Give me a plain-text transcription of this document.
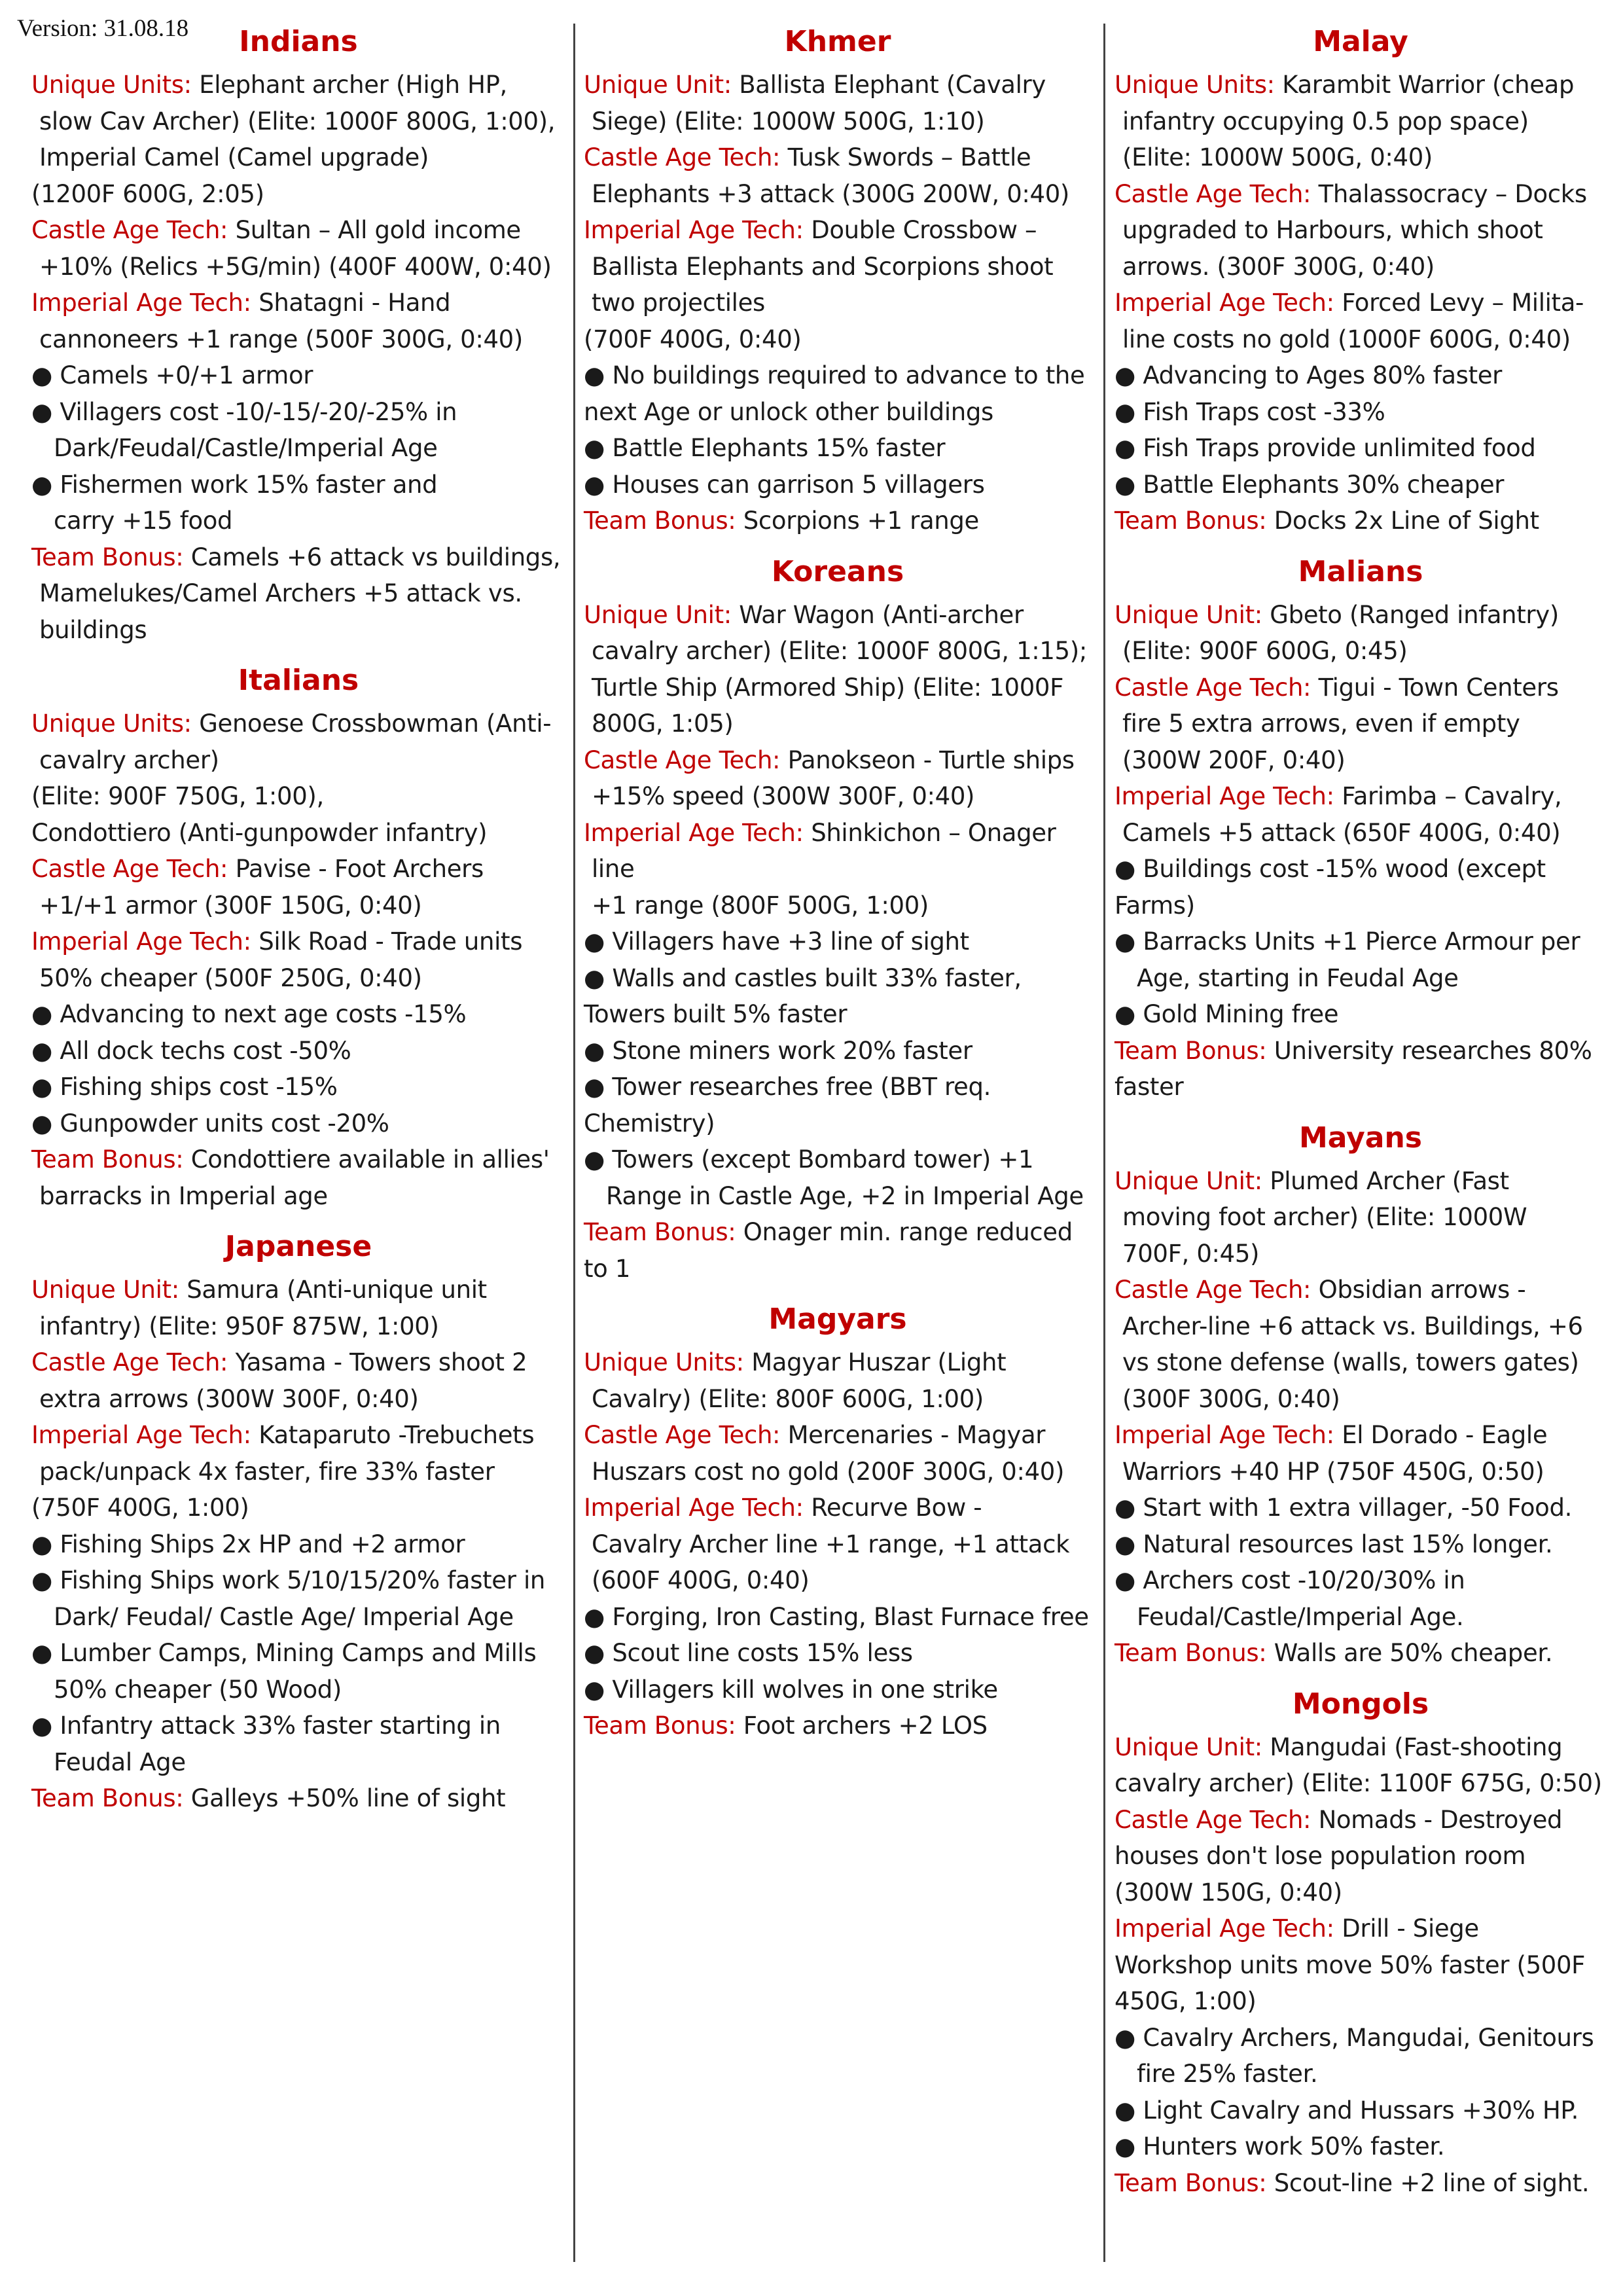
Version: 31.08.18	Indians
Unique Units: Elephant archer (High HP,
slow Cav Archer) (Elite: 1000F 800G, 1:00),
Imperial Camel (Camel upgrade)
(1200F 600G, 2:05)
Castle Age Tech: Sultan – All gold income
+10% (Relics +5G/min) (400F 400W, 0:40)
Imperial Age Tech: Shatagni - Hand
cannoneers +1 range (500F 300G, 0:40)
● Camels +0/+1 armor
● Villagers cost -10/-15/-20/-25% in
Dark/Feudal/Castle/Imperial Age
● Fishermen work 15% faster and
carry +15 food
Team Bonus: Camels +6 attack vs buildings,
Mamelukes/Camel Archers +5 attack vs.
buildings
Italians
Unique Units: Genoese Crossbowman (Anti-
cavalry archer)
(Elite: 900F 750G, 1:00),
Condottiero (Anti-gunpowder infantry)
Castle Age Tech: Pavise - Foot Archers
+1/+1 armor (300F 150G, 0:40)
Imperial Age Tech: Silk Road - Trade units
50% cheaper (500F 250G, 0:40)
● Advancing to next age costs -15%
● All dock techs cost -50%
● Fishing ships cost -15%
● Gunpowder units cost -20%
Team Bonus: Condottiere available in allies'
barracks in Imperial age
Japanese
Unique Unit: Samura (Anti-unique unit
infantry) (Elite: 950F 875W, 1:00)
Castle Age Tech: Yasama - Towers shoot 2
extra arrows (300W 300F, 0:40)
Imperial Age Tech: Kataparuto -Trebuchets
pack/unpack 4x faster, fire 33% faster
(750F 400G, 1:00)
● Fishing Ships 2x HP and +2 armor
● Fishing Ships work 5/10/15/20% faster in
Dark/ Feudal/ Castle Age/ Imperial Age
● Lumber Camps, Mining Camps and Mills
50% cheaper (50 Wood)
● Infantry attack 33% faster starting in
Feudal Age
Team Bonus: Galleys +50% line of sight
Khmer
Unique Unit: Ballista Elephant (Cavalry
Siege) (Elite: 1000W 500G, 1:10)
Castle Age Tech: Tusk Swords – Battle
Elephants +3 attack (300G 200W, 0:40)
Imperial Age Tech: Double Crossbow –
Ballista Elephants and Scorpions shoot
two projectiles
(700F 400G, 0:40)
● No buildings required to advance to the
next Age or unlock other buildings
● Battle Elephants 15% faster
● Houses can garrison 5 villagers
Team Bonus: Scorpions +1 range
Koreans
Unique Unit: War Wagon (Anti-archer
cavalry archer) (Elite: 1000F 800G, 1:15);
Turtle Ship (Armored Ship) (Elite: 1000F
800G, 1:05)
Castle Age Tech: Panokseon - Turtle ships
+15% speed (300W 300F, 0:40)
Imperial Age Tech: Shinkichon – Onager
line
+1 range (800F 500G, 1:00)
● Villagers have +3 line of sight
● Walls and castles built 33% faster,
Towers built 5% faster
● Stone miners work 20% faster
● Tower researches free (BBT req.
Chemistry)
● Towers (except Bombard tower) +1
Range in Castle Age, +2 in Imperial Age
Team Bonus: Onager min. range reduced
to 1
Magyars
Unique Units: Magyar Huszar (Light
Cavalry) (Elite: 800F 600G, 1:00)
Castle Age Tech: Mercenaries - Magyar
Huszars cost no gold (200F 300G, 0:40)
Imperial Age Tech: Recurve Bow -
Cavalry Archer line +1 range, +1 attack
(600F 400G, 0:40)
● Forging, Iron Casting, Blast Furnace free
● Scout line costs 15% less
● Villagers kill wolves in one strike
Team Bonus: Foot archers +2 LOS
Malay
Unique Units: Karambit Warrior (cheap
infantry occupying 0.5 pop space)
(Elite: 1000W 500G, 0:40)
Castle Age Tech: Thalassocracy – Docks
upgraded to Harbours, which shoot
arrows. (300F 300G, 0:40)
Imperial Age Tech: Forced Levy – Milita-
line costs no gold (1000F 600G, 0:40)
● Advancing to Ages 80% faster
● Fish Traps cost -33%
● Fish Traps provide unlimited food
● Battle Elephants 30% cheaper
Team Bonus: Docks 2x Line of Sight
Malians
Unique Unit: Gbeto (Ranged infantry)
(Elite: 900F 600G, 0:45)
Castle Age Tech: Tigui - Town Centers
fire 5 extra arrows, even if empty
(300W 200F, 0:40)
Imperial Age Tech: Farimba – Cavalry,
Camels +5 attack (650F 400G, 0:40)
● Buildings cost -15% wood (except
Farms)
● Barracks Units +1 Pierce Armour per
Age, starting in Feudal Age
● Gold Mining free
Team Bonus: University researches 80%
faster
Mayans
Unique Unit: Plumed Archer (Fast
moving foot archer) (Elite: 1000W
700F, 0:45)
Castle Age Tech: Obsidian arrows -
Archer-line +6 attack vs. Buildings, +6
vs stone defense (walls, towers gates)
(300F 300G, 0:40)
Imperial Age Tech: El Dorado - Eagle
Warriors +40 HP (750F 450G, 0:50)
● Start with 1 extra villager, -50 Food.
● Natural resources last 15% longer.
● Archers cost -10/20/30% in
Feudal/Castle/Imperial Age.
Team Bonus: Walls are 50% cheaper.
Mongols
Unique Unit: Mangudai (Fast-shooting
cavalry archer) (Elite: 1100F 675G, 0:50)
Castle Age Tech: Nomads - Destroyed
houses don't lose population room
(300W 150G, 0:40)
Imperial Age Tech: Drill - Siege
Workshop units move 50% faster (500F
450G, 1:00)
● Cavalry Archers, Mangudai, Genitours
fire 25% faster.
● Light Cavalry and Hussars +30% HP.
● Hunters work 50% faster.
Team Bonus: Scout-line +2 line of sight.
